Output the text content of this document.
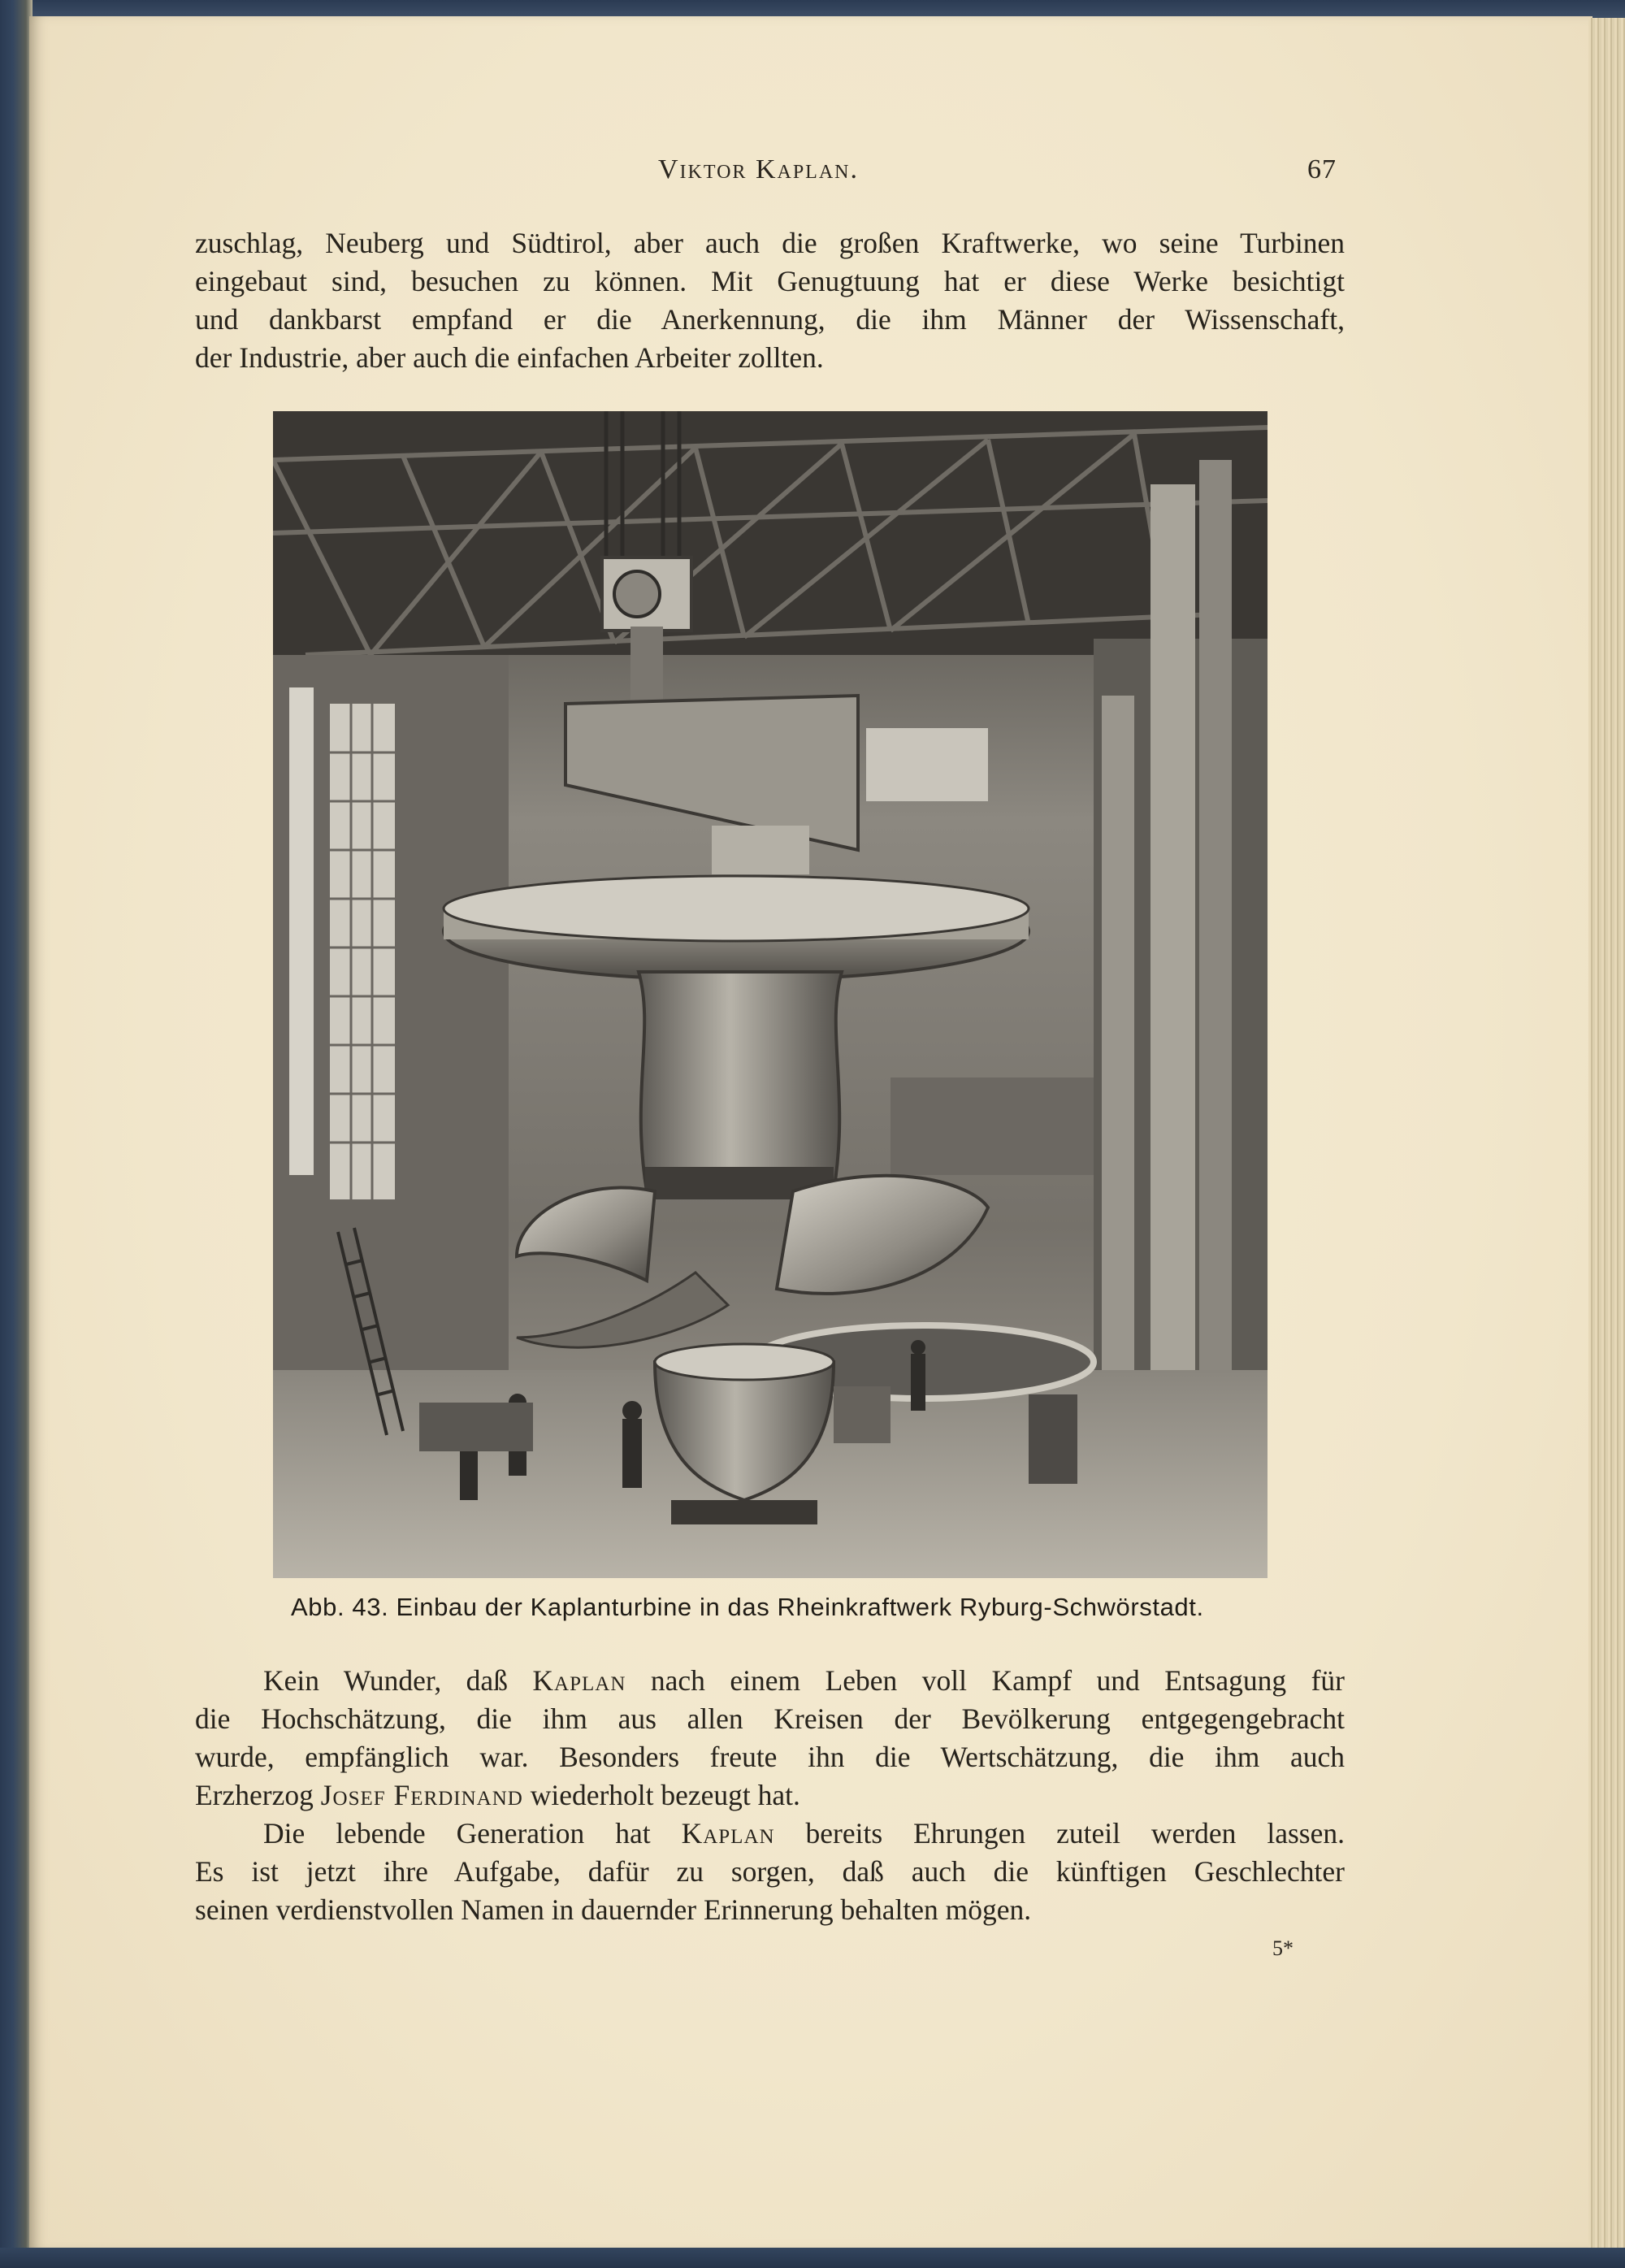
Viktor Kaplan.	67

zuschlag, Neuberg und Südtirol, aber auch die großen Kraftwerke, wo seine Turbinen
eingebaut sind, besuchen zu können. Mit Genugtuung hat er diese Werke besichtigt
und dankbarst empfand er die Anerkennung, die ihm Männer der Wissenschaft,
der Industrie, aber auch die einfachen Arbeiter zollten.

Abb. 43. Einbau der Kaplanturbine in das Rheinkraftwerk Ryburg-Schwörstadt.

Kein Wunder, daß Kaplan nach einem Leben voll Kampf und Entsagung für
die Hochschätzung, die ihm aus allen Kreisen der Bevölkerung entgegengebracht
wurde, empfänglich war. Besonders freute ihn die Wertschätzung, die ihm auch
Erzherzog Josef Ferdinand wiederholt bezeugt hat.

Die lebende Generation hat Kaplan bereits Ehrungen zuteil werden lassen.
Es ist jetzt ihre Aufgabe, dafür zu sorgen, daß auch die künftigen Geschlechter
seinen verdienstvollen Namen in dauernder Erinnerung behalten mögen.

5*
